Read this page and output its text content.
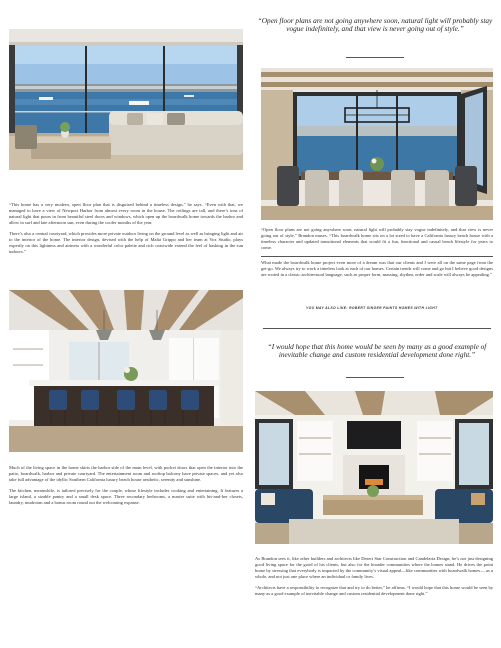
“This home has a very modern, open floor plan that is disguised behind a timeless design,” he says. “Even with that, we managed to have a view of Newport Harbor from almost every room in the house. The ceilings are tall, and there’s tons of natural light that pours in from beautiful steel doors and windows, which open up the boardwalk home towards the harbor and allow in surf and late afternoon sun, even during the cooler months of the year.

There’s also a central courtyard, which provides more private outdoor living on the ground level as well as bringing light and air to the interior of the home. The interior design, devised with the help of Malia Grippo and her team at Vox Studio, plays expertly on this lightness and airiness with a wonderful color palette and rich coastwide extend the feel of basking in the sun indoors.”

Much of the living space in the home skirts the harbor side of the main level, with pocket doors that open the interior into the patio, boardwalk, harbor and private courtyard. The entertainment room and rooftop balcony have private spaces, and yet also take full advantage of the idyllic Southern California luxury beach house aesthetic, serenity and sunshine.

The kitchen, meanwhile, is tailored precisely for the couple, whose lifestyle includes cooking and entertaining. It features a large island, a sizable pantry and a small desk space. Three secondary bedrooms, a master suite with his-and-her closets, laundry, mudroom and a bonus room round out the welcoming expanse.

“Open floor plans are not going anywhere soon, natural light will probably stay vogue indefinitely, and that view is never going out of style.”

“Open floor plans are not going anywhere soon, natural light will probably stay vogue indefinitely, and that view is never going out of style,” Brandon muses. “This boardwalk home sits on a lot sized to have a California luxury beach house with a timeless character and updated transitional elements that would fit a fun, functional and casual beach lifestyle for years to come.

What made the boardwalk home project even more of a dream was that our clients and I were all on the same page from the get-go. We always try to work a timeless look at each of our homes. Certain trends will come and go but I believe good designs are rooted in a classic architectural language, such as proper form, massing, rhythm, order and scale will always be appealing.”

YOU MAY ALSO LIKE: ROBERT SINGER PAINTS HOMES WITH LIGHT
“I would hope that this home would be seen by many as a good example of inevitable change and custom residential development done right.”

As Brandon sees it, like other builders and architects like Desert Star Construction and Candelaria Design, he’s not just designing good living space for the good of his clients, but also for the broader communities where the homes stand. He drives the point home by stressing that everybody is impacted by the community’s visual appeal—like communities with boardwalk homes— as a whole, and not just one place where an individual or family lives.

“Architects have a responsibility to recognize that and try to do better,” he affirms. “I would hope that this home would be seen by many as a good example of inevitable change and custom residential development done right.”
